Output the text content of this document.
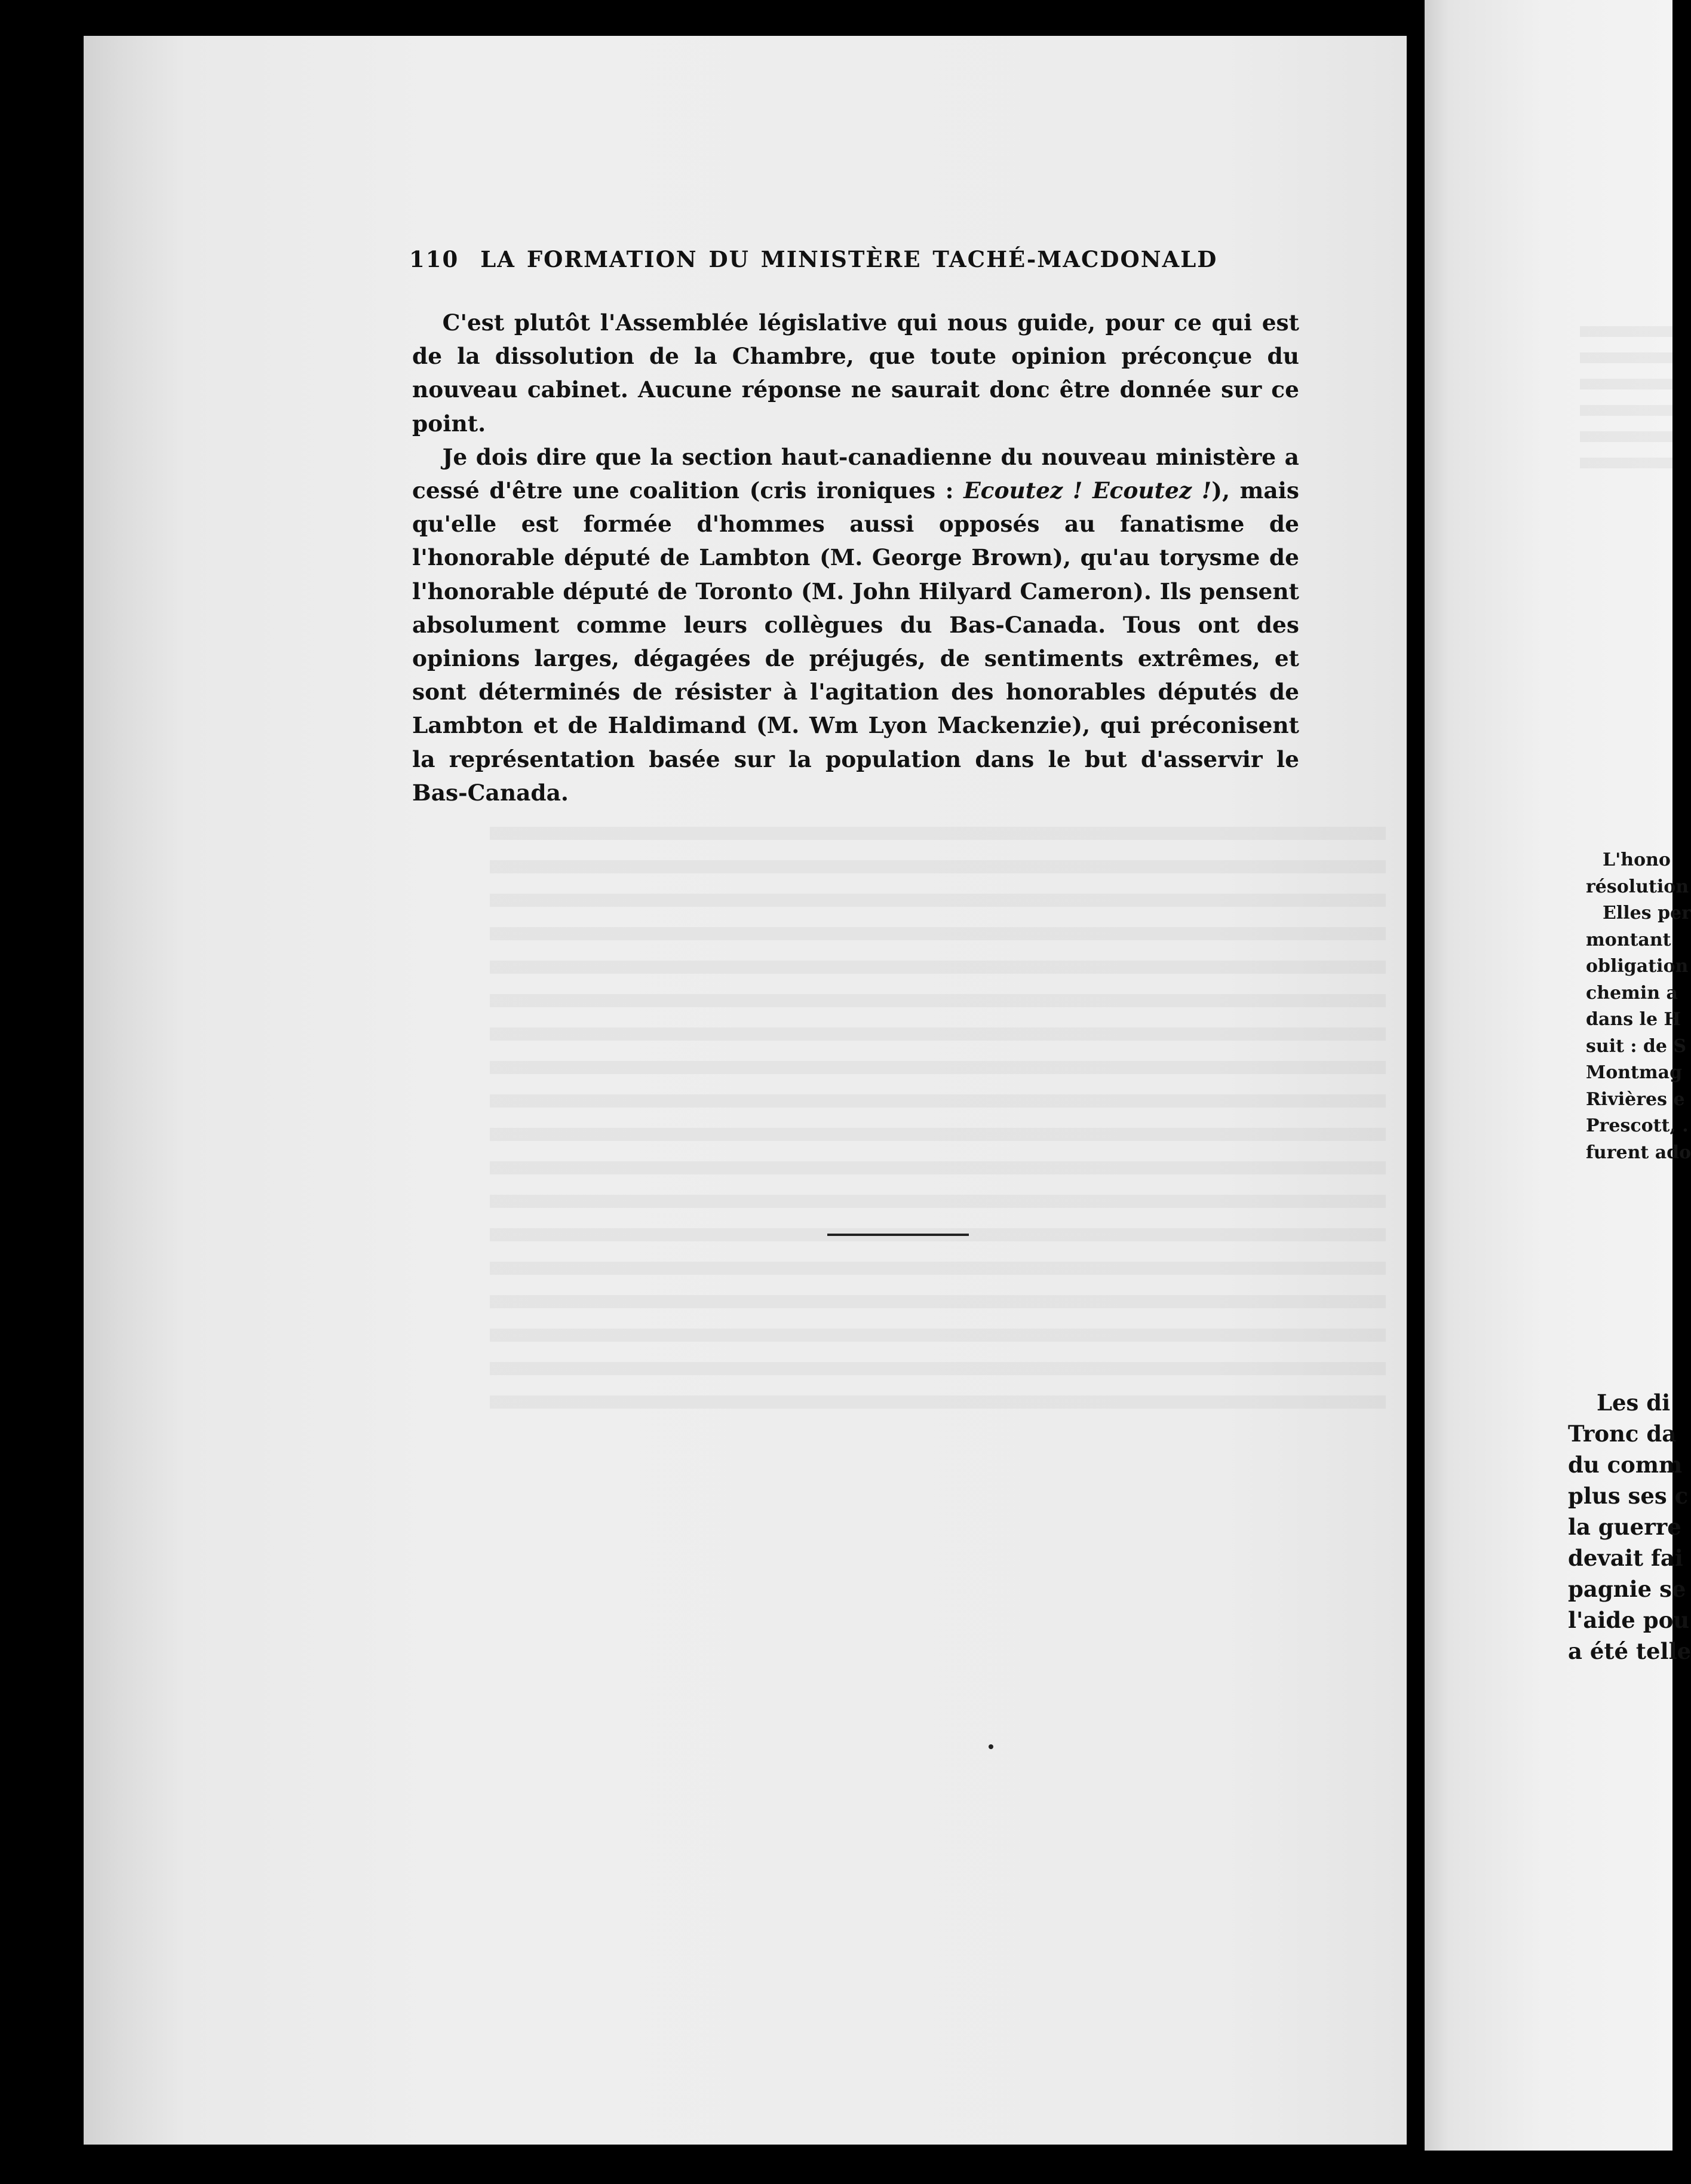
110 LA FORMATION DU MINISTÈRE TACHÉ-MACDONALD

C'est plutôt l'Assemblée législative qui nous guide, pour ce qui est de la dissolution de la Chambre, que toute opinion préconçue du nouveau cabinet. Aucune réponse ne saurait donc être donnée sur ce point.

Je dois dire que la section haut-canadienne du nouveau ministère a cessé d'être une coalition (cris ironiques : Ecoutez ! Ecoutez !), mais qu'elle est formée d'hommes aussi opposés au fanatisme de l'honorable député de Lambton (M. George Brown), qu'au torysme de l'honorable député de Toronto (M. John Hilyard Cameron). Ils pensent absolument comme leurs collègues du Bas-Canada. Tous ont des opinions larges, dégagées de préjugés, de sentiments extrêmes, et sont déterminés de résister à l'agitation des honorables députés de Lambton et de Haldimand (M. Wm Lyon Mackenzie), qui préconisent la représentation basée sur la population dans le but d'asservir le Bas-Canada.

L'hono
résolution
Elles per
montant
obligation
chemin a
dans le H
suit : de S
Montmag
Rivières e
Prescott, .
furent ado
Les di
Tronc da
du comm
plus ses c
la guerre
devait fai
pagnie se
l'aide pou
a été telle
